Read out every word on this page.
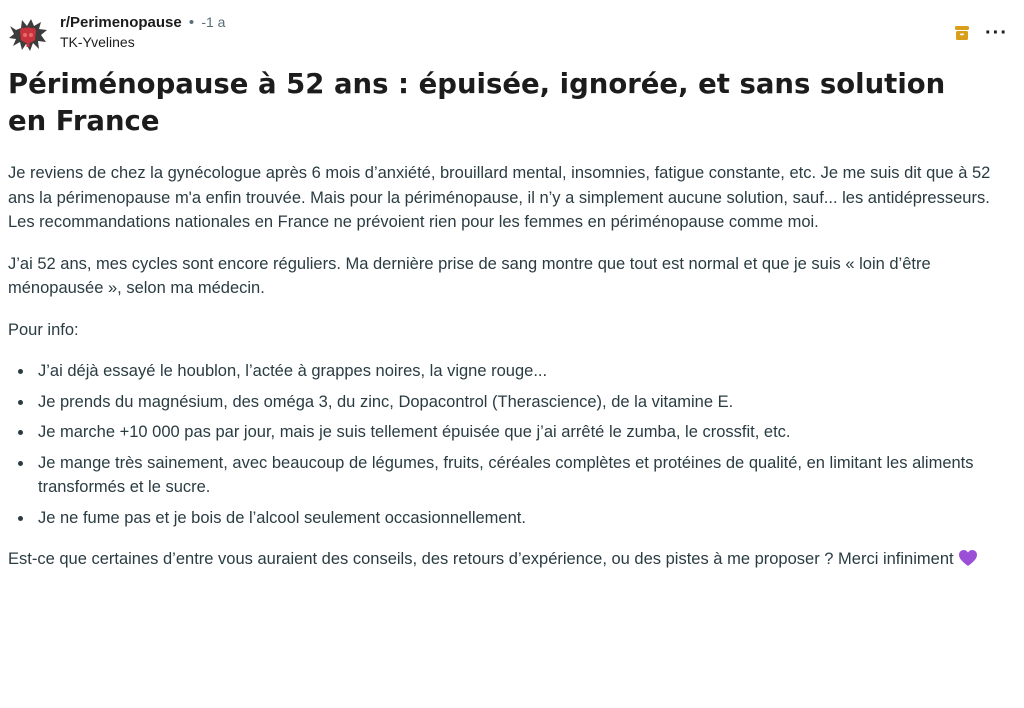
r/Perimenopause • -1 a
TK-Yvelines	···
Périménopause à 52 ans : épuisée, ignorée, et sans solution en France

Je reviens de chez la gynécologue après 6 mois d’anxiété, brouillard mental, insomnies, fatigue constante, etc. Je me suis dit que à 52 ans la périmenopause m'a enfin trouvée. Mais pour la périménopause, il n’y a simplement aucune solution, sauf... les antidépresseurs. Les recommandations nationales en France ne prévoient rien pour les femmes en périménopause comme moi.

J’ai 52 ans, mes cycles sont encore réguliers. Ma dernière prise de sang montre que tout est normal et que je suis « loin d’être ménopausée », selon ma médecin.

Pour info:

• J’ai déjà essayé le houblon, l’actée à grappes noires, la vigne rouge...
• Je prends du magnésium, des oméga 3, du zinc, Dopacontrol (Therascience), de la vitamine E.
• Je marche +10 000 pas par jour, mais je suis tellement épuisée que j’ai arrêté le zumba, le crossfit, etc.
• Je mange très sainement, avec beaucoup de légumes, fruits, céréales complètes et protéines de qualité, en limitant les aliments transformés et le sucre.
• Je ne fume pas et je bois de l’alcool seulement occasionnellement.

Est-ce que certaines d’entre vous auraient des conseils, des retours d’expérience, ou des pistes à me proposer ? Merci infiniment
